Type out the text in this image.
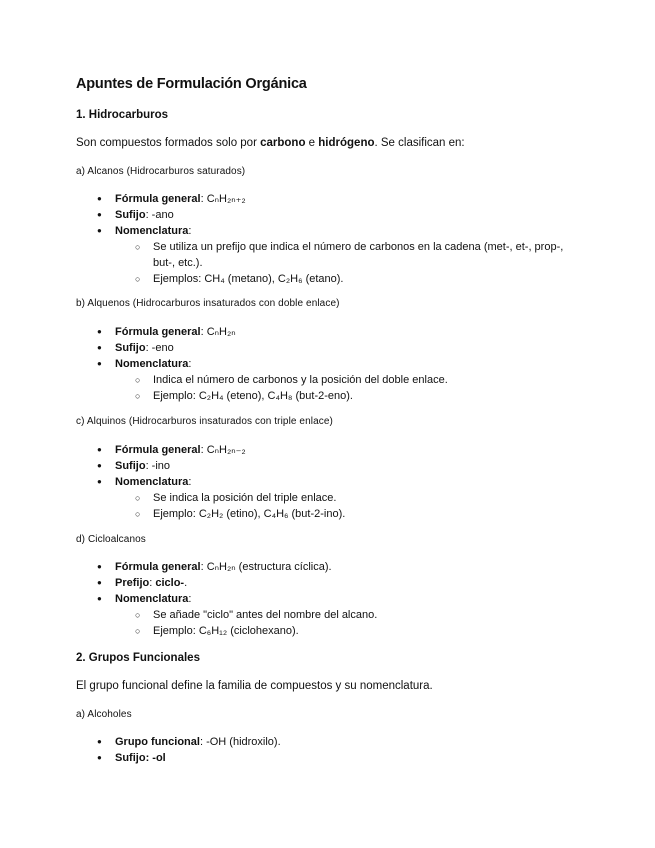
Apuntes de Formulación Orgánica
1. Hidrocarburos

Son compuestos formados solo por carbono e hidrógeno. Se clasifican en:

a) Alcanos (Hidrocarburos saturados)

● Fórmula general: CₙH₂ₙ₊₂
● Sufijo: -ano
● Nomenclatura:
○ Se utiliza un prefijo que indica el número de carbonos en la cadena (met-, et-, prop-, but-, etc.).
○ Ejemplos: CH₄ (metano), C₂H₆ (etano).

b) Alquenos (Hidrocarburos insaturados con doble enlace)

● Fórmula general: CₙH₂ₙ
● Sufijo: -eno
● Nomenclatura:
○ Indica el número de carbonos y la posición del doble enlace.
○ Ejemplo: C₂H₄ (eteno), C₄H₈ (but-2-eno).

c) Alquinos (Hidrocarburos insaturados con triple enlace)

● Fórmula general: CₙH₂ₙ₋₂
● Sufijo: -ino
● Nomenclatura:
○ Se indica la posición del triple enlace.
○ Ejemplo: C₂H₂ (etino), C₄H₆ (but-2-ino).

d) Cicloalcanos

● Fórmula general: CₙH₂ₙ (estructura cíclica).
● Prefijo: ciclo-.
● Nomenclatura:
○ Se añade "ciclo" antes del nombre del alcano.
○ Ejemplo: C₆H₁₂ (ciclohexano).
2. Grupos Funcionales

El grupo funcional define la familia de compuestos y su nomenclatura.

a) Alcoholes

● Grupo funcional: -OH (hidroxilo).
● Sufijo: -ol
